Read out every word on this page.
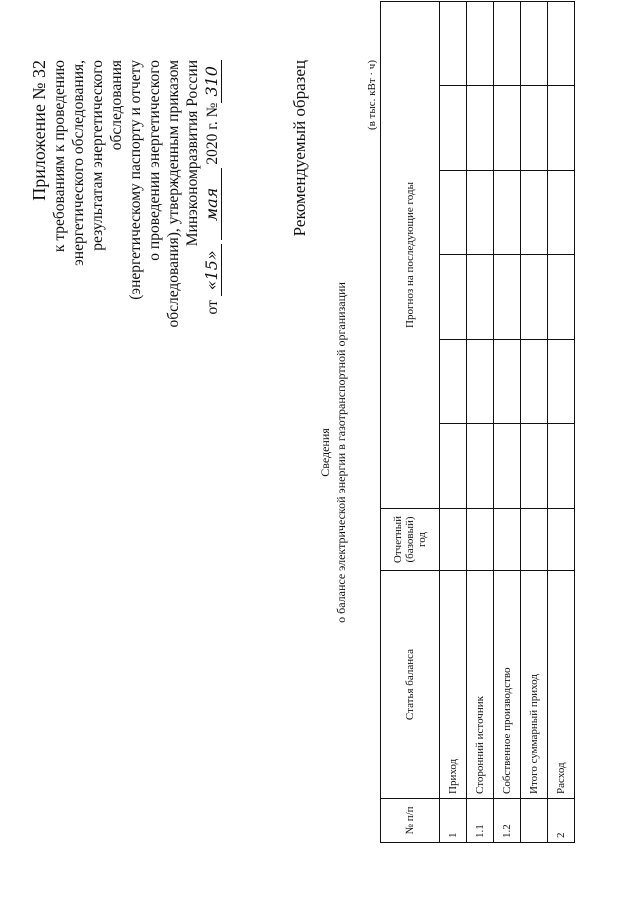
Приложение № 32 к требованиям к проведению энергетического обследования, результатам энергетического обследования (энергетическому паспорту и отчету о проведении энергетического обследования), утвержденным приказом Минэкономразвития России
от «15» мая 2020 г. №310	Рекомендуемый образец
Сведения о балансе электрической энергии в газотранспортной организации
(в тыс. кВт · ч)
№ п/п	Статья баланса	Отчетный (базовый) год	Прогноз на последующие годы					
1	Приход							
1.1	Сторонний источник							
1.2	Собственное производство							
	Итого суммарный приход							
2	Расход							
